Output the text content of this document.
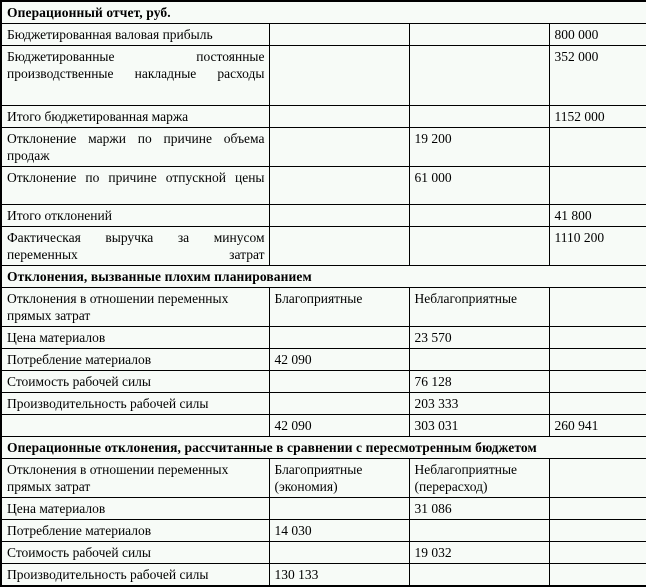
Операционный отчет, руб.			
Бюджетированная валовая прибыль			800 000
Бюджетированные постоянные производственные накладные расходы			352 000
Итого бюджетированная маржа			1152 000
Отклонение маржи по причине объема продаж		19 200	
Отклонение по причине отпускной цены		61 000	
Итого отклонений			41 800
Фактическая выручка за минусом переменных затрат			1110 200
Отклонения, вызванные плохим планированием			
Отклонения в отношении переменных прямых затрат	Благоприятные	Неблагоприятные	
Цена материалов		23 570	
Потребление материалов	42 090		
Стоимость рабочей силы		76 128	
Производительность рабочей силы		203 333	
	42 090	303 031	260 941
Операционные отклонения, рассчитанные в сравнении с пересмотренным бюджетом			
Отклонения в отношении переменных прямых затрат	Благоприятные (экономия)	Неблагоприятные (перерасход)	
Цена материалов		31 086	
Потребление материалов	14 030		
Стоимость рабочей силы		19 032	
Производительность рабочей силы	130 133		
